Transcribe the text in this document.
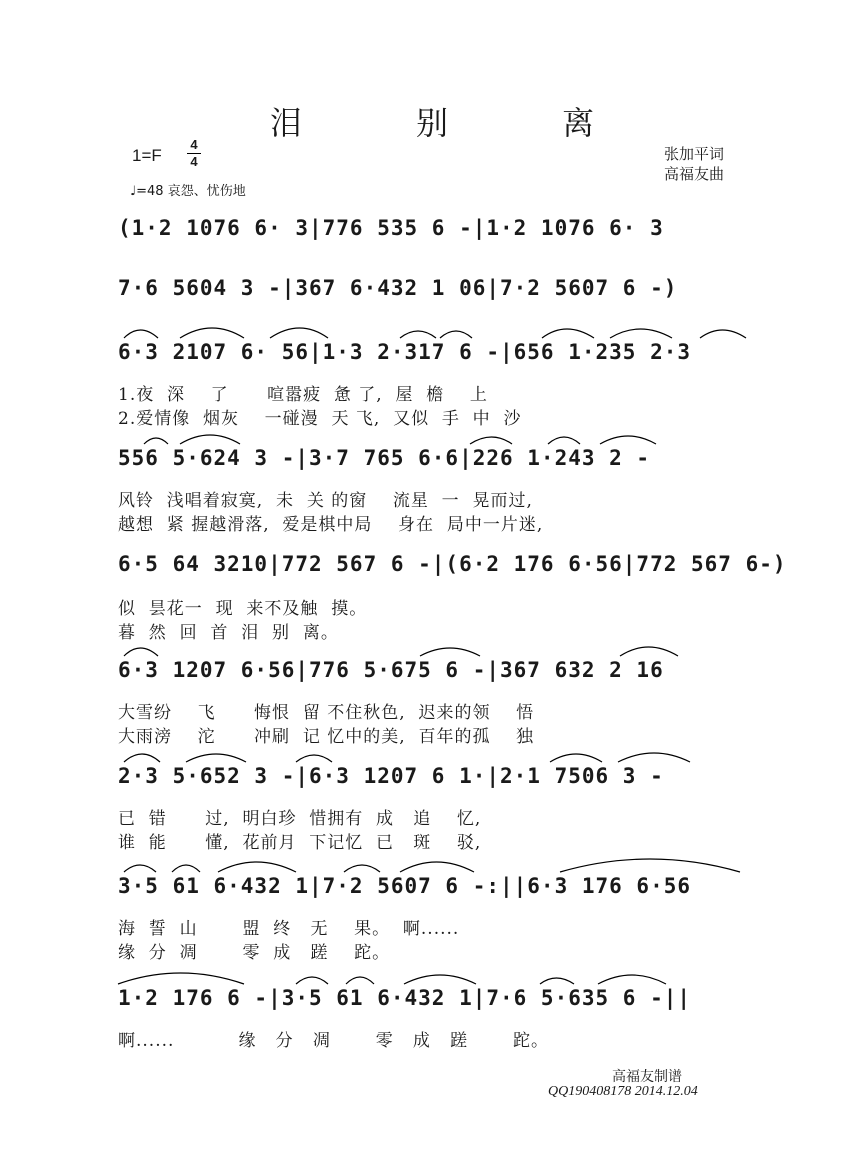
泪 别 离
1=F
4
4
♩=48 哀怨、忧伤地
张加平词
高福友曲
(1·2 1076 6· 3|776 535 6 -|1·2 1076 6· 3
7·6 5604 3 -|367 6·432 1 06|7·2 5607 6 -)
6·3 2107 6· 56|1·3 2·317 6 -|656 1·235 2·3
556 5·624 3 -|3·7 765 6·6|226 1·243 2 -
6·5 64 3210|772 567 6 -|(6·2 176 6·56|772 567 6-)
6·3 1207 6·56|776 5·675 6 -|367 632 2 16
2·3 5·652 3 -|6·3 1207 6 1·|2·1 7506 3 -
3·5 61 6·432 1|7·2 5607 6 -:||6·3 176 6·56
1·2 176 6 -|3·5 61 6·432 1|7·6 5·635 6 -||
1.夜  深    了      喧嚣疲  惫 了,  屋  檐    上
2.爱情像  烟灰    一碰漫  天 飞,  又似  手  中  沙
风铃  浅唱着寂寞,  未  关 的窗    流星  一  晃而过,
越想  紧 握越滑落,  爱是棋中局    身在  局中一片迷,
似  昙花一  现  来不及触  摸。
暮  然  回  首  泪  别  离。
大雪纷    飞      悔恨  留 不住秋色,  迟来的领    悟
大雨滂    沱      冲刷  记 忆中的美,  百年的孤    独
已  错      过,  明白珍  惜拥有  成   追    忆,
谁  能      懂,  花前月  下记忆  已   斑    驳,
海  誓  山       盟  终   无    果。  啊......
缘  分  凋       零  成   蹉    跎。
啊......          缘   分   凋       零   成   蹉       跎。
高福友制谱
QQ190408178 2014.12.04
